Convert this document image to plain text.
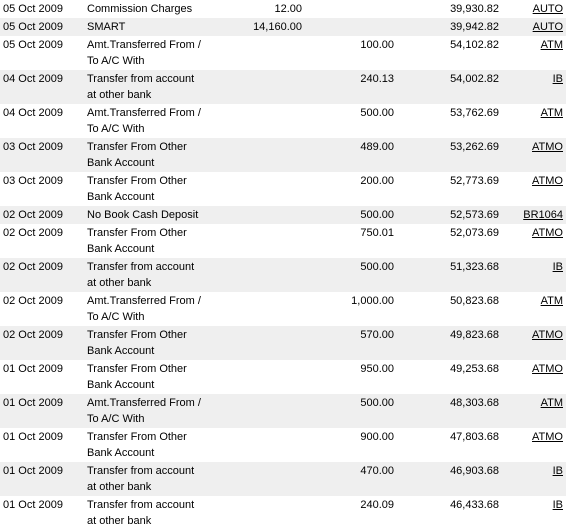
05 Oct 2009	Commission Charges	12.00		39,930.82	AUTO
05 Oct 2009	SMART	14,160.00		39,942.82	AUTO
05 Oct 2009	Amt.Transferred From /
To A/C With		100.00	54,102.82	ATM
04 Oct 2009	Transfer from account
at other bank		240.13	54,002.82	IB
04 Oct 2009	Amt.Transferred From /
To A/C With		500.00	53,762.69	ATM
03 Oct 2009	Transfer From Other
Bank Account		489.00	53,262.69	ATMO
03 Oct 2009	Transfer From Other
Bank Account		200.00	52,773.69	ATMO
02 Oct 2009	No Book Cash Deposit		500.00	52,573.69	BR1064
02 Oct 2009	Transfer From Other
Bank Account		750.01	52,073.69	ATMO
02 Oct 2009	Transfer from account
at other bank		500.00	51,323.68	IB
02 Oct 2009	Amt.Transferred From /
To A/C With		1,000.00	50,823.68	ATM
02 Oct 2009	Transfer From Other
Bank Account		570.00	49,823.68	ATMO
01 Oct 2009	Transfer From Other
Bank Account		950.00	49,253.68	ATMO
01 Oct 2009	Amt.Transferred From /
To A/C With		500.00	48,303.68	ATM
01 Oct 2009	Transfer From Other
Bank Account		900.00	47,803.68	ATMO
01 Oct 2009	Transfer from account
at other bank		470.00	46,903.68	IB
01 Oct 2009	Transfer from account
at other bank		240.09	46,433.68	IB
